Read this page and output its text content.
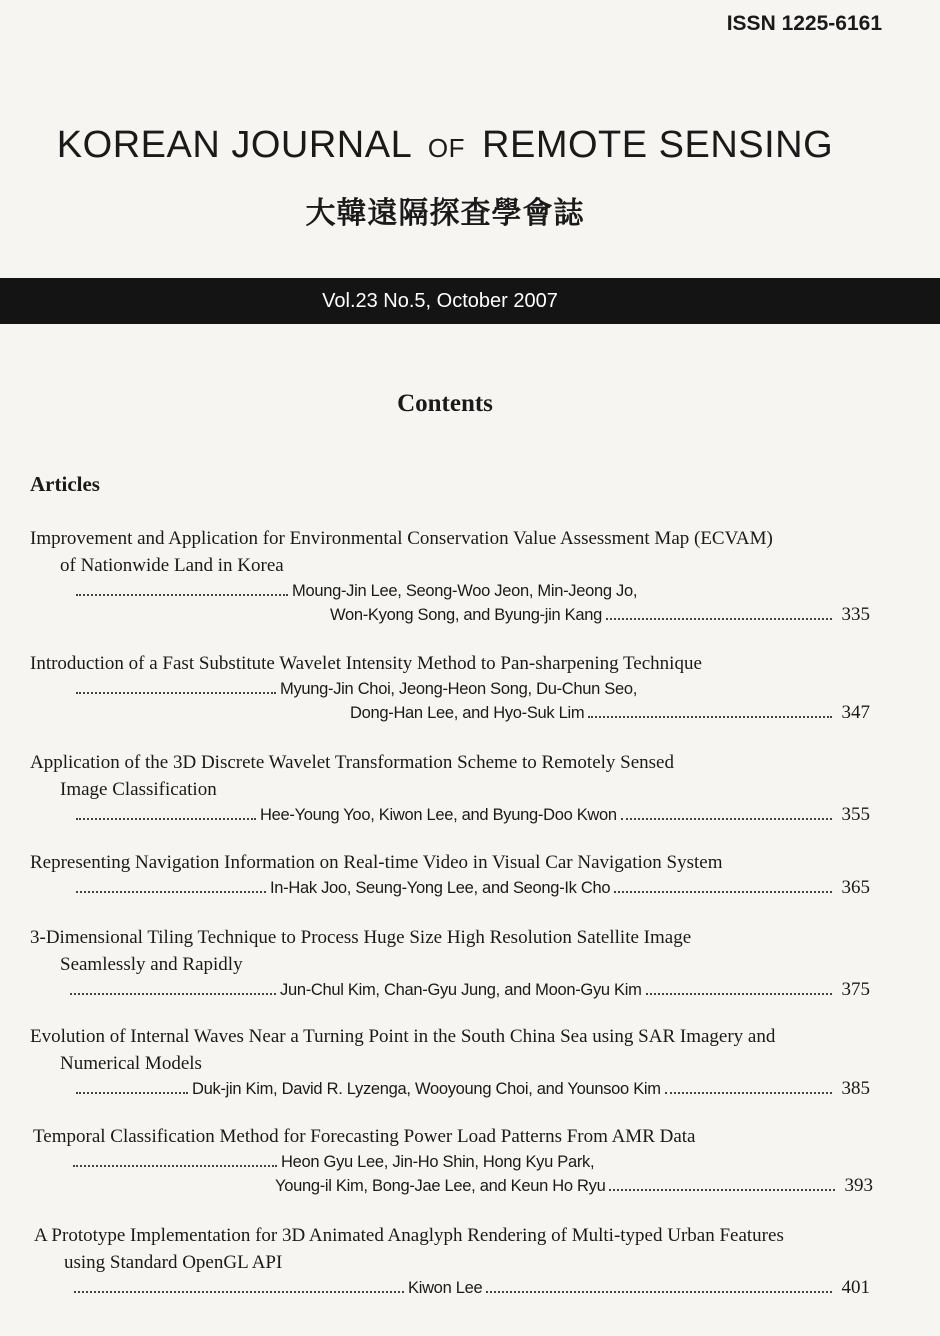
ISSN 1225-6161
KOREAN JOURNAL OF REMOTE SENSING
大韓遠隔探査學會誌
Vol.23 No.5, October 2007
Contents
Articles
Improvement and Application for Environmental Conservation Value Assessment Map (ECVAM)
of Nationwide Land in Korea
Moung-Jin Lee, Seong-Woo Jeon, Min-Jeong Jo,
Won-Kyong Song, and Byung-jin Kang	335
Introduction of a Fast Substitute Wavelet Intensity Method to Pan-sharpening Technique
Myung-Jin Choi, Jeong-Heon Song, Du-Chun Seo,
Dong-Han Lee, and Hyo-Suk Lim	347
Application of the 3D Discrete Wavelet Transformation Scheme to Remotely Sensed
Image Classification
Hee-Young Yoo, Kiwon Lee, and Byung-Doo Kwon	355
Representing Navigation Information on Real-time Video in Visual Car Navigation System
In-Hak Joo, Seung-Yong Lee, and Seong-Ik Cho	365
3-Dimensional Tiling Technique to Process Huge Size High Resolution Satellite Image
Seamlessly and Rapidly
Jun-Chul Kim, Chan-Gyu Jung, and Moon-Gyu Kim	375
Evolution of Internal Waves Near a Turning Point in the South China Sea using SAR Imagery and
Numerical Models
Duk-jin Kim, David R. Lyzenga, Wooyoung Choi, and Younsoo Kim	385
Temporal Classification Method for Forecasting Power Load Patterns From AMR Data
Heon Gyu Lee, Jin-Ho Shin, Hong Kyu Park,
Young-il Kim, Bong-Jae Lee, and Keun Ho Ryu	393
A Prototype Implementation for 3D Animated Anaglyph Rendering of Multi-typed Urban Features
using Standard OpenGL API
Kiwon Lee	401
